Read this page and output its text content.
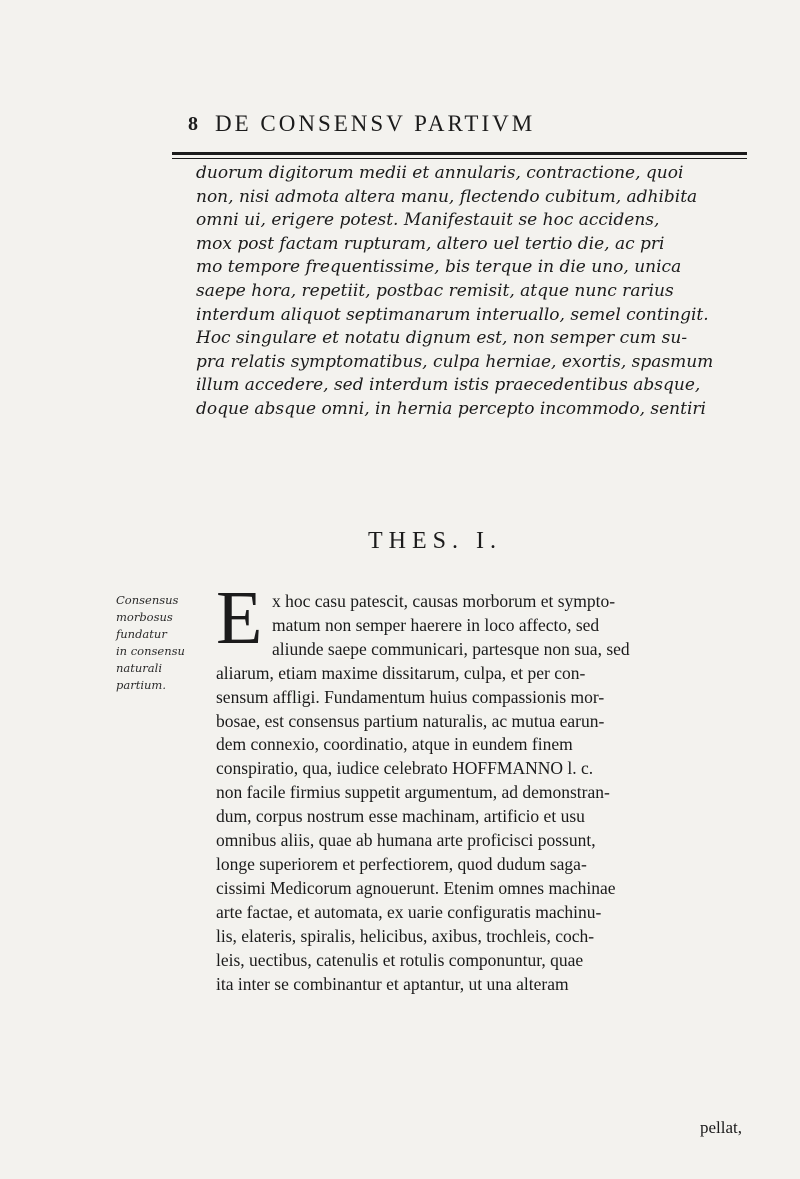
8 DE CONSENSV PARTIVM
duorum digitorum medii et annularis, contractione, quoi
non, nisi admota altera manu, flectendo cubitum, adhibita
omni ui, erigere potest. Manifestauit se hoc accidens,
mox post factam rupturam, altero uel tertio die, ac pri
mo tempore frequentissime, bis terque in die uno, unica
saepe hora, repetiit, postbac remisit, atque nunc rarius
interdum aliquot septimanarum interuallo, semel contingit.
Hoc singulare et notatu dignum est, non semper cum su-
pra relatis symptomatibus, culpa herniae, exortis, spasmum
illum accedere, sed interdum istis praecedentibus absque,
doque absque omni, in hernia percepto incommodo, sentiri
THES. I.
Consensus
morbosus
fundatur
in consensu
naturali
partium.
E x hoc casu patescit, causas morborum et sympto-
matum non semper haerere in loco affecto, sed
aliunde saepe communicari, partesque non sua, sed
aliarum, etiam maxime dissitarum, culpa, et per con-
sensum affligi. Fundamentum huius compassionis mor-
bosae, est consensus partium naturalis, ac mutua earun-
dem connexio, coordinatio, atque in eundem finem
conspiratio, qua, iudice celebrato HOFFMANNO l. c.
non facile firmius suppetit argumentum, ad demonstran-
dum, corpus nostrum esse machinam, artificio et usu
omnibus aliis, quae ab humana arte proficisci possunt,
longe superiorem et perfectiorem, quod dudum saga-
cissimi Medicorum agnouerunt. Etenim omnes machinae
arte factae, et automata, ex uarie configuratis machinu-
lis, elateris, spiralis, helicibus, axibus, trochleis, coch-
leis, uectibus, catenulis et rotulis componuntur, quae
ita inter se combinantur et aptantur, ut una alteram
pellat,
